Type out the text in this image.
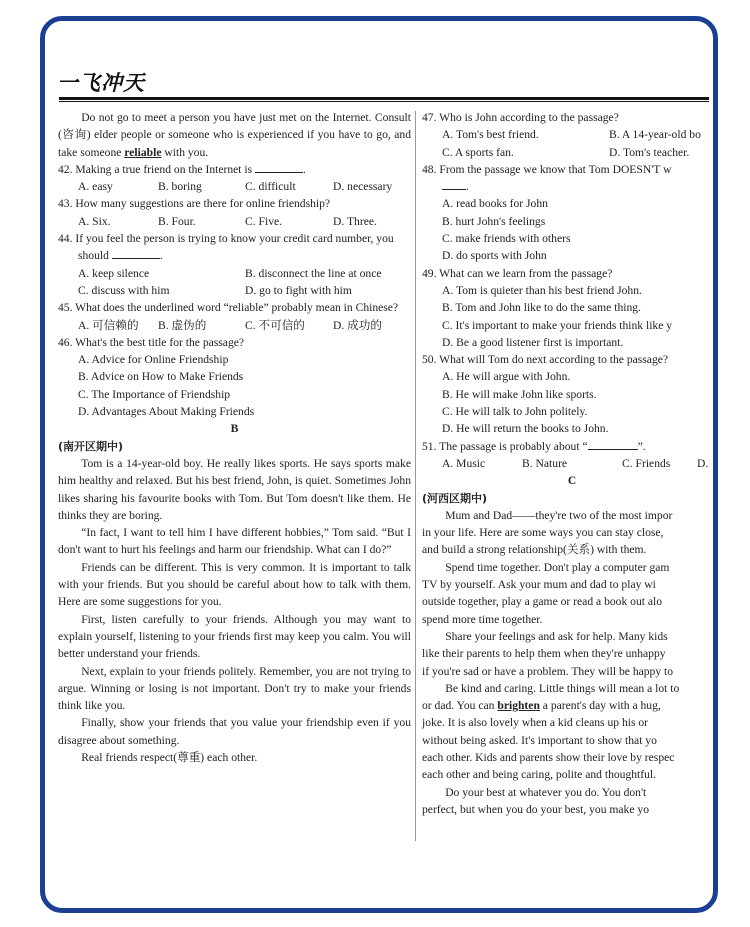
一飞冲天

Do not go to meet a person you have just met on the Internet. Consult (咨询) elder people or someone who is experienced if you have to go, and take someone reliable with you.

42. Making a true friend on the Internet is	.

A. easy	B. boring	C. difficult	D. necessary

43. How many suggestions are there for online friendship?

A. Six.	B. Four.	C. Five.	D. Three.

44. If you feel the person is trying to know your credit card number, you should	.

A. keep silence	B. disconnect the line at once

C. discuss with him	D. go to fight with him

45. What does the underlined word “reliable” probably mean in Chinese?

A. 可信赖的	B. 虚伪的	C. 不可信的	D. 成功的

46. What's the best title for the passage?

A. Advice for Online Friendship

B. Advice on How to Make Friends

C. The Importance of Friendship

D. Advantages About Making Friends

B

(南开区期中)

Tom is a 14-year-old boy. He really likes sports. He says sports make him healthy and relaxed. But his best friend, John, is quiet. Sometimes John likes sharing his favourite books with Tom. But Tom doesn't like them. He thinks they are boring.

“In fact, I want to tell him I have different hobbies,” Tom said. “But I don't want to hurt his feelings and harm our friendship. What can I do?”

Friends can be different. This is very common. It is important to talk with your friends. But you should be careful about how to talk with them. Here are some suggestions for you.

First, listen carefully to your friends. Although you may want to explain yourself, listening to your friends first may keep you calm. You will better understand your friends.

Next, explain to your friends politely. Remember, you are not trying to argue. Winning or losing is not important. Don't try to make your friends think like you.

Finally, show your friends that you value your friendship even if you disagree about something.

Real friends respect(尊重) each other.

47. Who is John according to the passage?

A. Tom's best friend.	B. A 14-year-old bo

C. A sports fan.	D. Tom's teacher.

48. From the passage we know that Tom DOESN'T w

.

A. read books for John

B. hurt John's feelings

C. make friends with others

D. do sports with John

49. What can we learn from the passage?

A. Tom is quieter than his best friend John.

B. Tom and John like to do the same thing.

C. It's important to make your friends think like y

D. Be a good listener first is important.

50. What will Tom do next according to the passage?

A. He will argue with John.

B. He will make John like sports.

C. He will talk to John politely.

D. He will return the books to John.

51. The passage is probably about “	”.

A. Music	B. Nature	C. Friends	D.

C

(河西区期中)

Mum and Dad——they're two of the most impor

in your life. Here are some ways you can stay close,

and build a strong relationship(关系) with them.

Spend time together. Don't play a computer gam

TV by yourself. Ask your mum and dad to play wi

outside together, play a game or read a book out alo

spend more time together.

Share your feelings and ask for help. Many kids

like their parents to help them when they're unhappy

if you're sad or have a problem. They will be happy to

Be kind and caring. Little things will mean a lot to

or dad. You can brighten a parent's day with a hug,

joke. It is also lovely when a kid cleans up his or

without being asked. It's important to show that yo

each other. Kids and parents show their love by respec

each other and being caring, polite and thoughtful.

Do your best at whatever you do. You don't

perfect, but when you do your best, you make yo
